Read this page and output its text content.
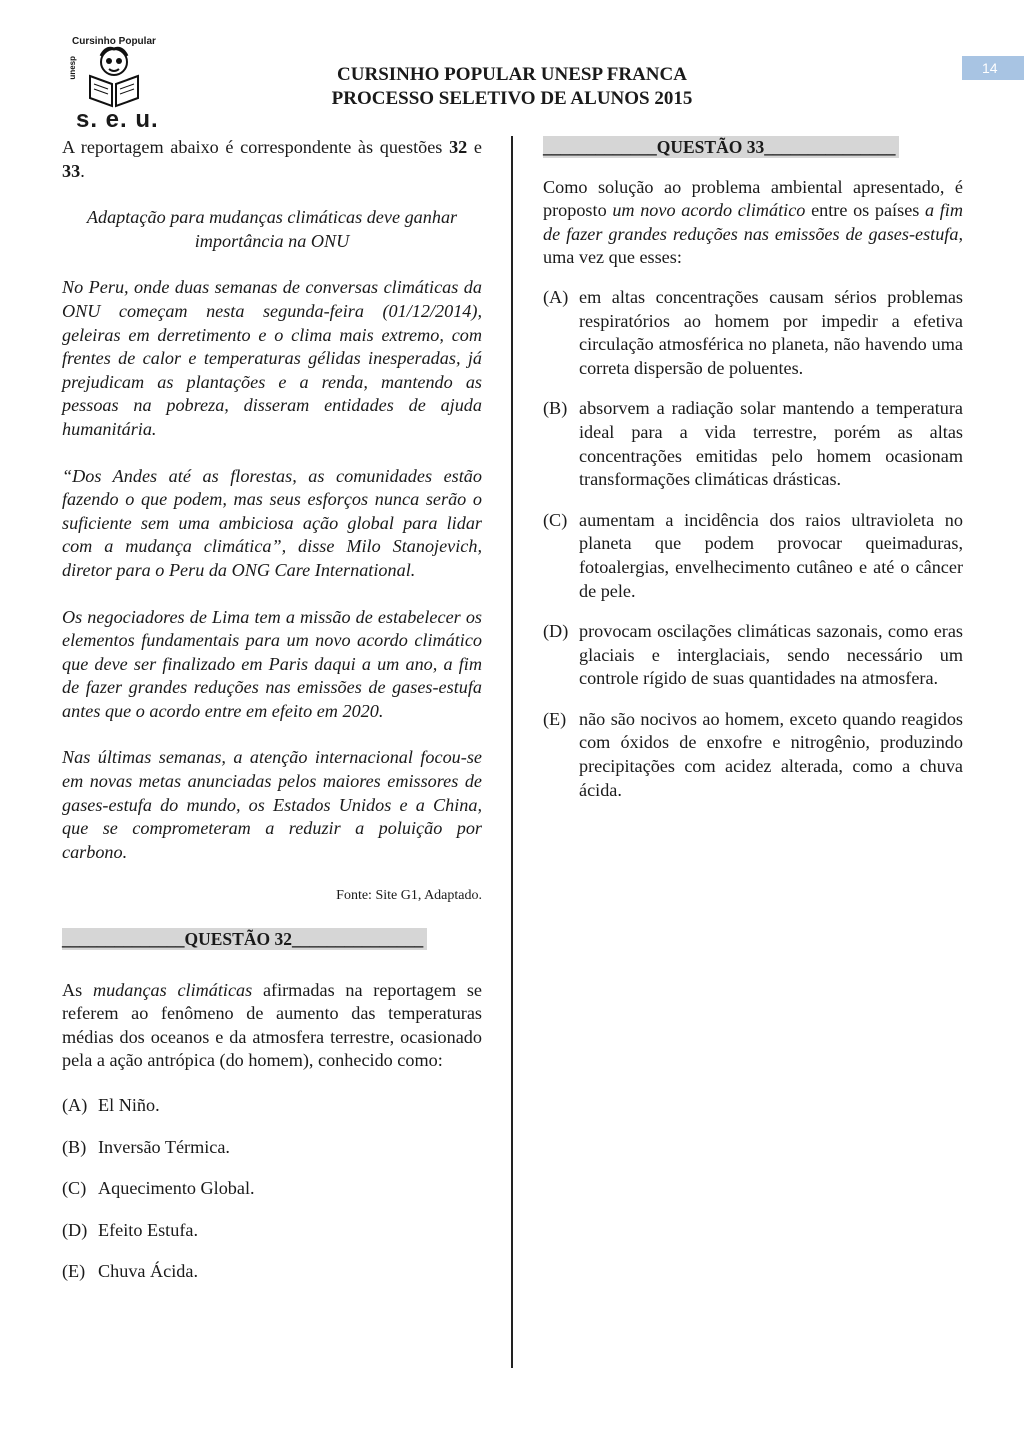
Cursinho Popular
unesp
s. e. u.
CURSINHO POPULAR UNESP FRANCA
PROCESSO SELETIVO DE ALUNOS 2015
14

A reportagem abaixo é correspondente às questões 32 e 33.

Adaptação para mudanças climáticas deve ganhar importância na ONU

No Peru, onde duas semanas de conversas climáticas da ONU começam nesta segunda-feira (01/12/2014), geleiras em derretimento e o clima mais extremo, com frentes de calor e temperaturas gélidas inesperadas, já prejudicam as plantações e a renda, mantendo as pessoas na pobreza, disseram entidades de ajuda humanitária.

“Dos Andes até as florestas, as comunidades estão fazendo o que podem, mas seus esforços nunca serão o suficiente sem uma ambiciosa ação global para lidar com a mudança climática”, disse Milo Stanojevich, diretor para o Peru da ONG Care International.

Os negociadores de Lima tem a missão de estabelecer os elementos fundamentais para um novo acordo climático que deve ser finalizado em Paris daqui a um ano, a fim de fazer grandes reduções nas emissões de gases-estufa antes que o acordo entre em efeito em 2020.

Nas últimas semanas, a atenção internacional focou-se em novas metas anunciadas pelos maiores emissores de gases-estufa do mundo, os Estados Unidos e a China, que se comprometeram a reduzir a poluição por carbono.

Fonte: Site G1, Adaptado.

______________QUESTÃO 32_______________

As mudanças climáticas afirmadas na reportagem se referem ao fenômeno de aumento das temperaturas médias dos oceanos e da atmosfera terrestre, ocasionado pela a ação antrópica (do homem), conhecido como:

(A) El Niño.
(B) Inversão Térmica.
(C) Aquecimento Global.
(D) Efeito Estufa.
(E) Chuva Ácida.
_____________QUESTÃO 33_______________

Como solução ao problema ambiental apresentado, é proposto um novo acordo climático entre os países a fim de fazer grandes reduções nas emissões de gases-estufa, uma vez que esses:

(A) em altas concentrações causam sérios problemas respiratórios ao homem por impedir a efetiva circulação atmosférica no planeta, não havendo uma correta dispersão de poluentes.
(B) absorvem a radiação solar mantendo a temperatura ideal para a vida terrestre, porém as altas concentrações emitidas pelo homem ocasionam transformações climáticas drásticas.
(C) aumentam a incidência dos raios ultravioleta no planeta que podem provocar queimaduras, fotoalergias, envelhecimento cutâneo e até o câncer de pele.
(D) provocam oscilações climáticas sazonais, como eras glaciais e interglaciais, sendo necessário um controle rígido de suas quantidades na atmosfera.
(E) não são nocivos ao homem, exceto quando reagidos com óxidos de enxofre e nitrogênio, produzindo precipitações com acidez alterada, como a chuva ácida.
